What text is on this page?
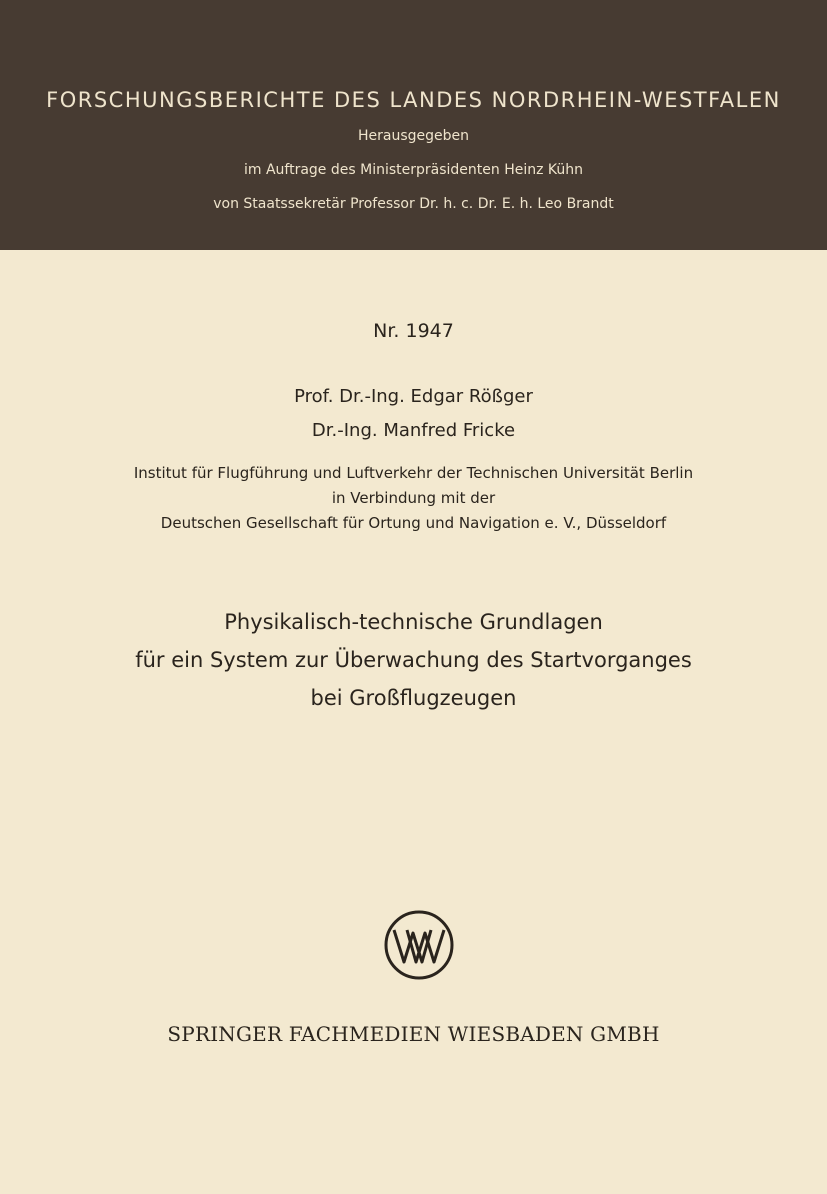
FORSCHUNGSBERICHTE DES LANDES NORDRHEIN-WESTFALEN
Herausgegeben
im Auftrage des Ministerpräsidenten Heinz Kühn
von Staatssekretär Professor Dr. h. c. Dr. E. h. Leo Brandt
Nr. 1947
Prof. Dr.-Ing. Edgar Rößger
Dr.-Ing. Manfred Fricke
Institut für Flugführung und Luftverkehr der Technischen Universität Berlin
in Verbindung mit der
Deutschen Gesellschaft für Ortung und Navigation e. V., Düsseldorf
Physikalisch-technische Grundlagen
für ein System zur Überwachung des Startvorganges
bei Großflugzeugen
SPRINGER FACHMEDIEN WIESBADEN GMBH
